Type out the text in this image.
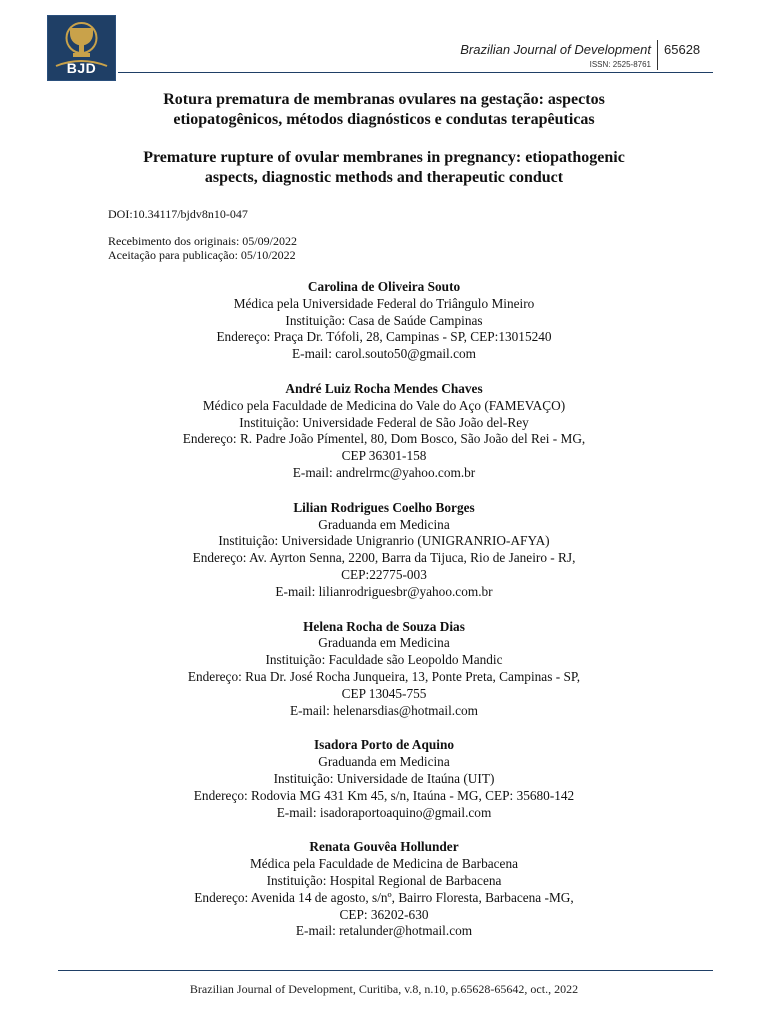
BJD
Brazilian Journal of Development 65628
ISSN: 2525-8761
Rotura prematura de membranas ovulares na gestação: aspectos
etiopatogênicos, métodos diagnósticos e condutas terapêuticas
Premature rupture of ovular membranes in pregnancy: etiopathogenic
aspects, diagnostic methods and therapeutic conduct
DOI:10.34117/bjdv8n10-047
Recebimento dos originais: 05/09/2022
Aceitação para publicação: 05/10/2022
Carolina de Oliveira Souto
Médica pela Universidade Federal do Triângulo Mineiro
Instituição: Casa de Saúde Campinas
Endereço: Praça Dr. Tófoli, 28, Campinas - SP, CEP:13015240
E-mail: carol.souto50@gmail.com
André Luiz Rocha Mendes Chaves
Médico pela Faculdade de Medicina do Vale do Aço (FAMEVAÇO)
Instituição: Universidade Federal de São João del-Rey
Endereço: R. Padre João Pímentel, 80, Dom Bosco, São João del Rei - MG,
CEP 36301-158
E-mail: andrelrmc@yahoo.com.br
Lilian Rodrigues Coelho Borges
Graduanda em Medicina
Instituição: Universidade Unigranrio (UNIGRANRIO-AFYA)
Endereço: Av. Ayrton Senna, 2200, Barra da Tijuca, Rio de Janeiro - RJ,
CEP:22775-003
E-mail: lilianrodriguesbr@yahoo.com.br
Helena Rocha de Souza Dias
Graduanda em Medicina
Instituição: Faculdade são Leopoldo Mandic
Endereço: Rua Dr. José Rocha Junqueira, 13, Ponte Preta, Campinas - SP,
CEP 13045-755
E-mail: helenarsdias@hotmail.com
Isadora Porto de Aquino
Graduanda em Medicina
Instituição: Universidade de Itaúna (UIT)
Endereço: Rodovia MG 431 Km 45, s/n, Itaúna - MG, CEP: 35680-142
E-mail: isadoraportoaquino@gmail.com
Renata Gouvêa Hollunder
Médica pela Faculdade de Medicina de Barbacena
Instituição: Hospital Regional de Barbacena
Endereço: Avenida 14 de agosto, s/nº, Bairro Floresta, Barbacena -MG,
CEP: 36202-630
E-mail: retalunder@hotmail.com
Brazilian Journal of Development, Curitiba, v.8, n.10, p.65628-65642, oct., 2022
